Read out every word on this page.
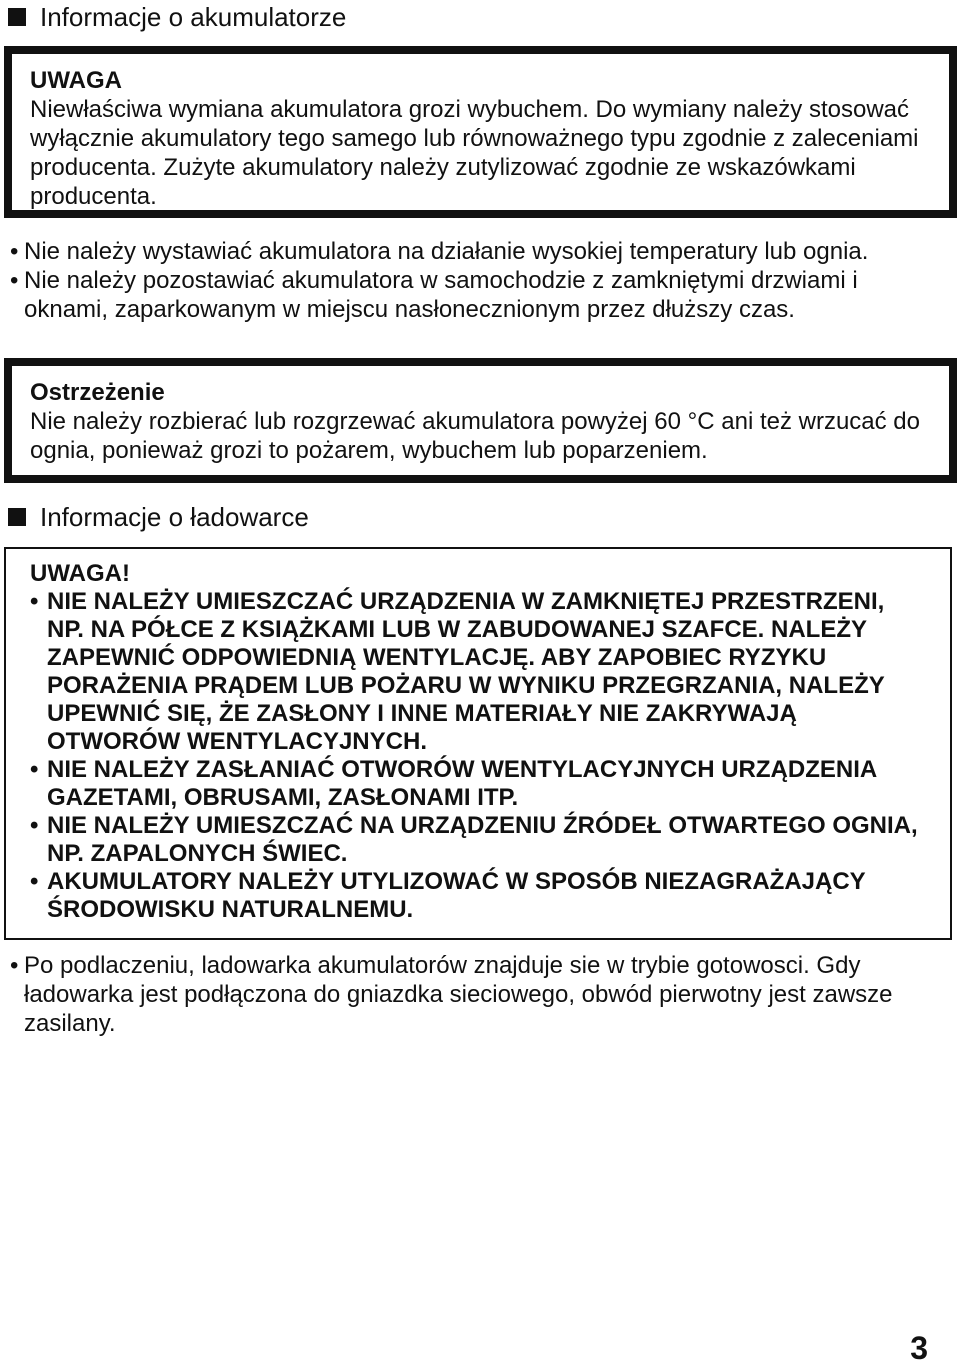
Informacje o akumulatorze
UWAGA

Niewłaściwa wymiana akumulatora grozi wybuchem. Do wymiany należy stosować wyłącznie akumulatory tego samego lub równoważnego typu zgodnie z zaleceniami producenta. Zużyte akumulatory należy zutylizować zgodnie ze wskazówkami producenta.

• Nie należy wystawiać akumulatora na działanie wysokiej temperatury lub ognia.
• Nie należy pozostawiać akumulatora w samochodzie z zamkniętymi drzwiami i oknami, zaparkowanym w miejscu nasłonecznionym przez dłuższy czas.
Ostrzeżenie

Nie należy rozbierać lub rozgrzewać akumulatora powyżej 60 °C ani też wrzucać do ognia, ponieważ grozi to pożarem, wybuchem lub poparzeniem.

Informacje o ładowarce
UWAGA!
• NIE NALEŻY UMIESZCZAĆ URZĄDZENIA W ZAMKNIĘTEJ PRZESTRZENI, NP. NA PÓŁCE Z KSIĄŻKAMI LUB W ZABUDOWANEJ SZAFCE. NALEŻY ZAPEWNIĆ ODPOWIEDNIĄ WENTYLACJĘ. ABY ZAPOBIEC RYZYKU PORAŻENIA PRĄDEM LUB POŻARU W WYNIKU PRZEGRZANIA, NALEŻY UPEWNIĆ SIĘ, ŻE ZASŁONY I INNE MATERIAŁY NIE ZAKRYWAJĄ OTWORÓW WENTYLACYJNYCH.
• NIE NALEŻY ZASŁANIAĆ OTWORÓW WENTYLACYJNYCH URZĄDZENIA GAZETAMI, OBRUSAMI, ZASŁONAMI ITP.
• NIE NALEŻY UMIESZCZAĆ NA URZĄDZENIU ŹRÓDEŁ OTWARTEGO OGNIA, NP. ZAPALONYCH ŚWIEC.
• AKUMULATORY NALEŻY UTYLIZOWAĆ W SPOSÓB NIEZAGRAŻAJĄCY ŚRODOWISKU NATURALNEMU.
• Po podlaczeniu, ladowarka akumulatorów znajduje sie w trybie gotowosci. Gdy ładowarka jest podłączona do gniazdka sieciowego, obwód pierwotny jest zawsze zasilany.
3
